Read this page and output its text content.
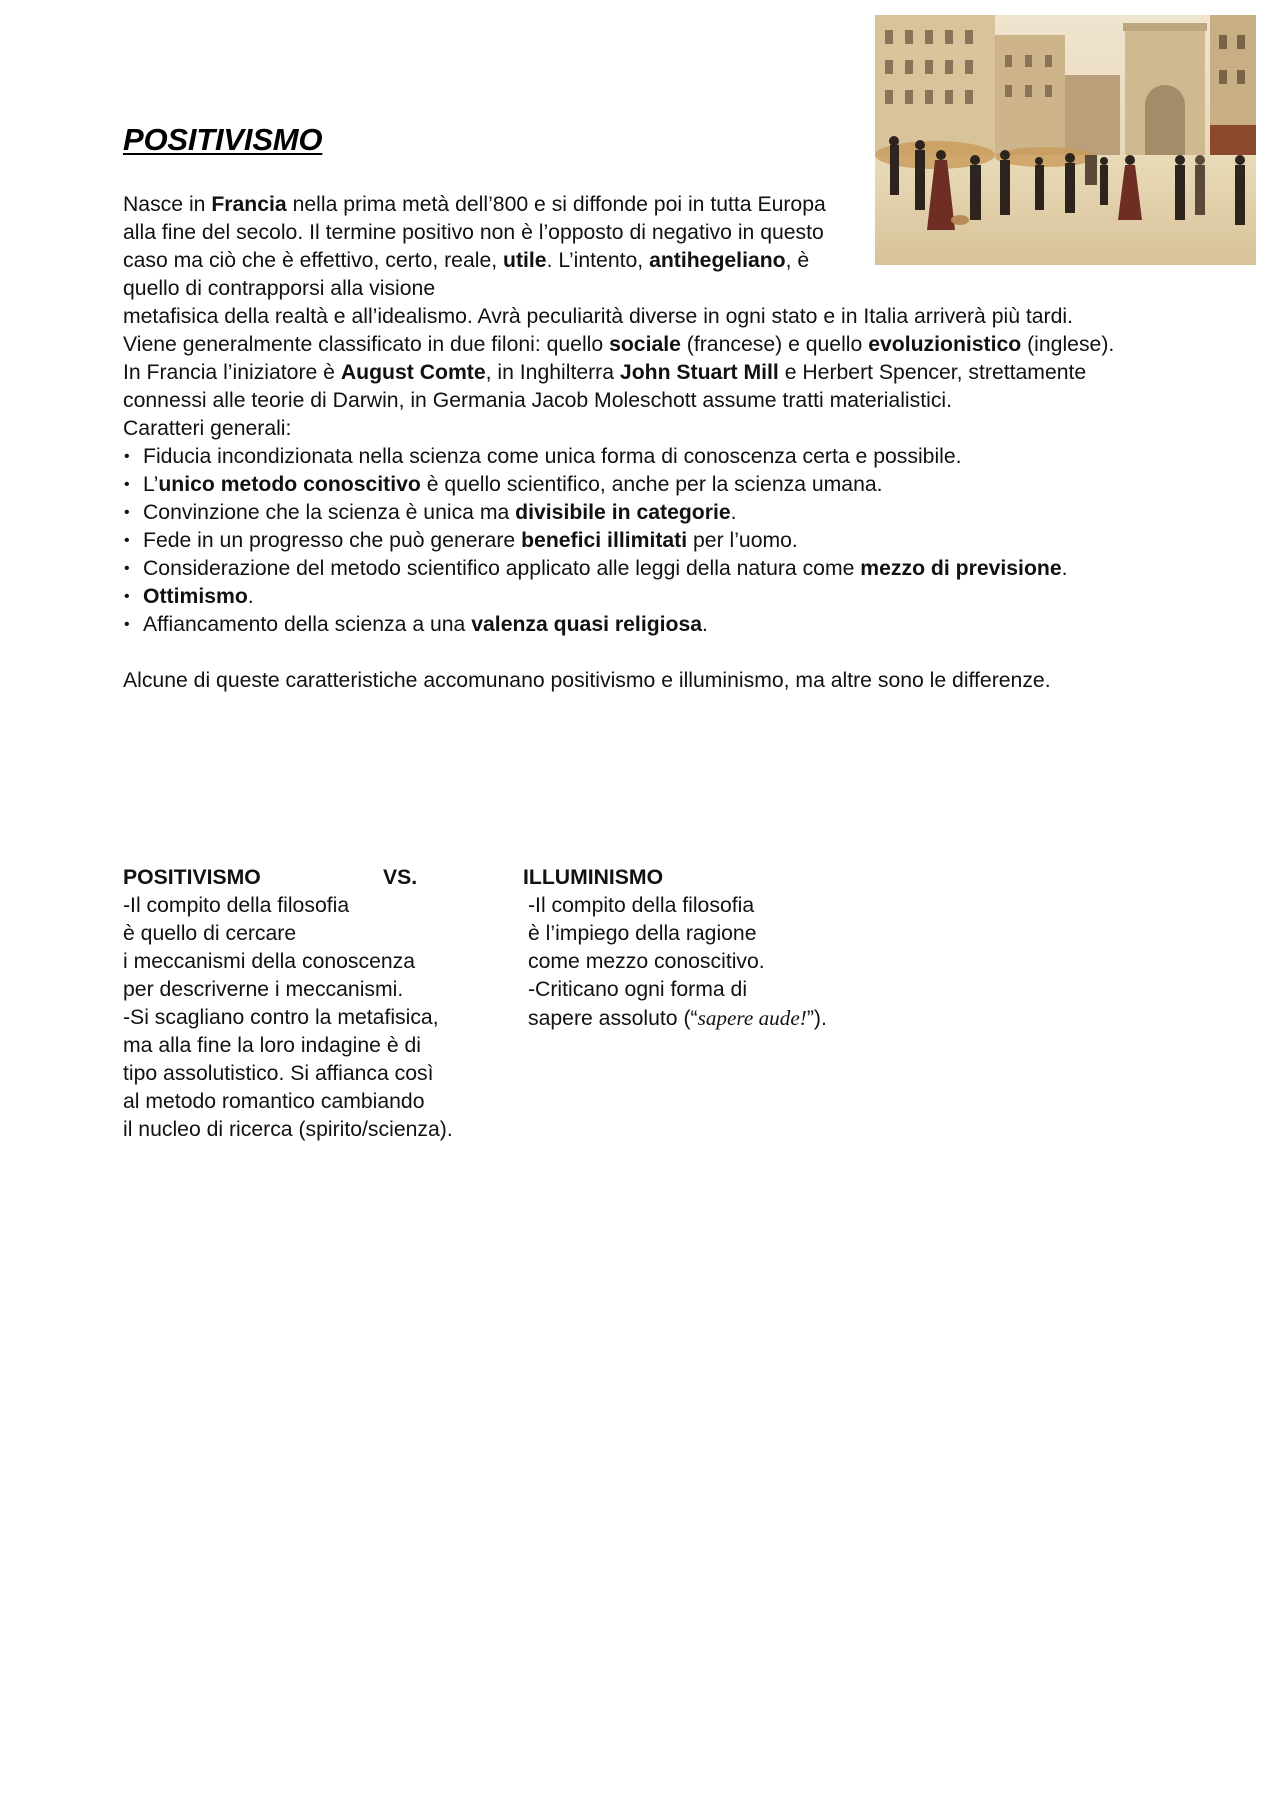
POSITIVISMO
Nasce in Francia nella prima metà dell’800 e si diffonde poi in tutta Europa alla fine del secolo. Il termine positivo non è l’opposto di negativo in questo caso ma ciò che è effettivo, certo, reale, utile. L’intento, antihegeliano, è quello di contrapporsi alla visione

metafisica della realtà e all’idealismo. Avrà peculiarità diverse in ogni stato e in Italia arriverà più tardi.

Viene generalmente classificato in due filoni: quello sociale (francese) e quello evoluzionistico (inglese).

In Francia l’iniziatore è August Comte, in Inghilterra John Stuart Mill e Herbert Spencer, strettamente connessi alle teorie di Darwin, in Germania Jacob Moleschott assume tratti materialistici.

Caratteri generali:

• Fiducia incondizionata nella scienza come unica forma di conoscenza certa e possibile.
• L’unico metodo conoscitivo è quello scientifico, anche per la scienza umana.
• Convinzione che la scienza è unica ma divisibile in categorie.
• Fede in un progresso che può generare benefici illimitati per l’uomo.
• Considerazione del metodo scientifico applicato alle leggi della natura come mezzo di previsione.
• Ottimismo.
• Affiancamento della scienza a una valenza quasi religiosa.

Alcune di queste caratteristiche accomunano positivismo e illuminismo, ma altre sono le differenze.

POSITIVISMO	VS.	ILLUMINISMO
-Il compito della filosofia
è quello di cercare
i meccanismi della conoscenza
per descriverne i meccanismi.
-Si scagliano contro la metafisica,
ma alla fine la loro indagine è di
tipo assolutistico. Si affianca così
al metodo romantico cambiando
il nucleo di ricerca (spirito/scienza).
-Il compito della filosofia
è l’impiego della ragione
come mezzo conoscitivo.
-Criticano ogni forma di
sapere assoluto (“sapere aude!”).
